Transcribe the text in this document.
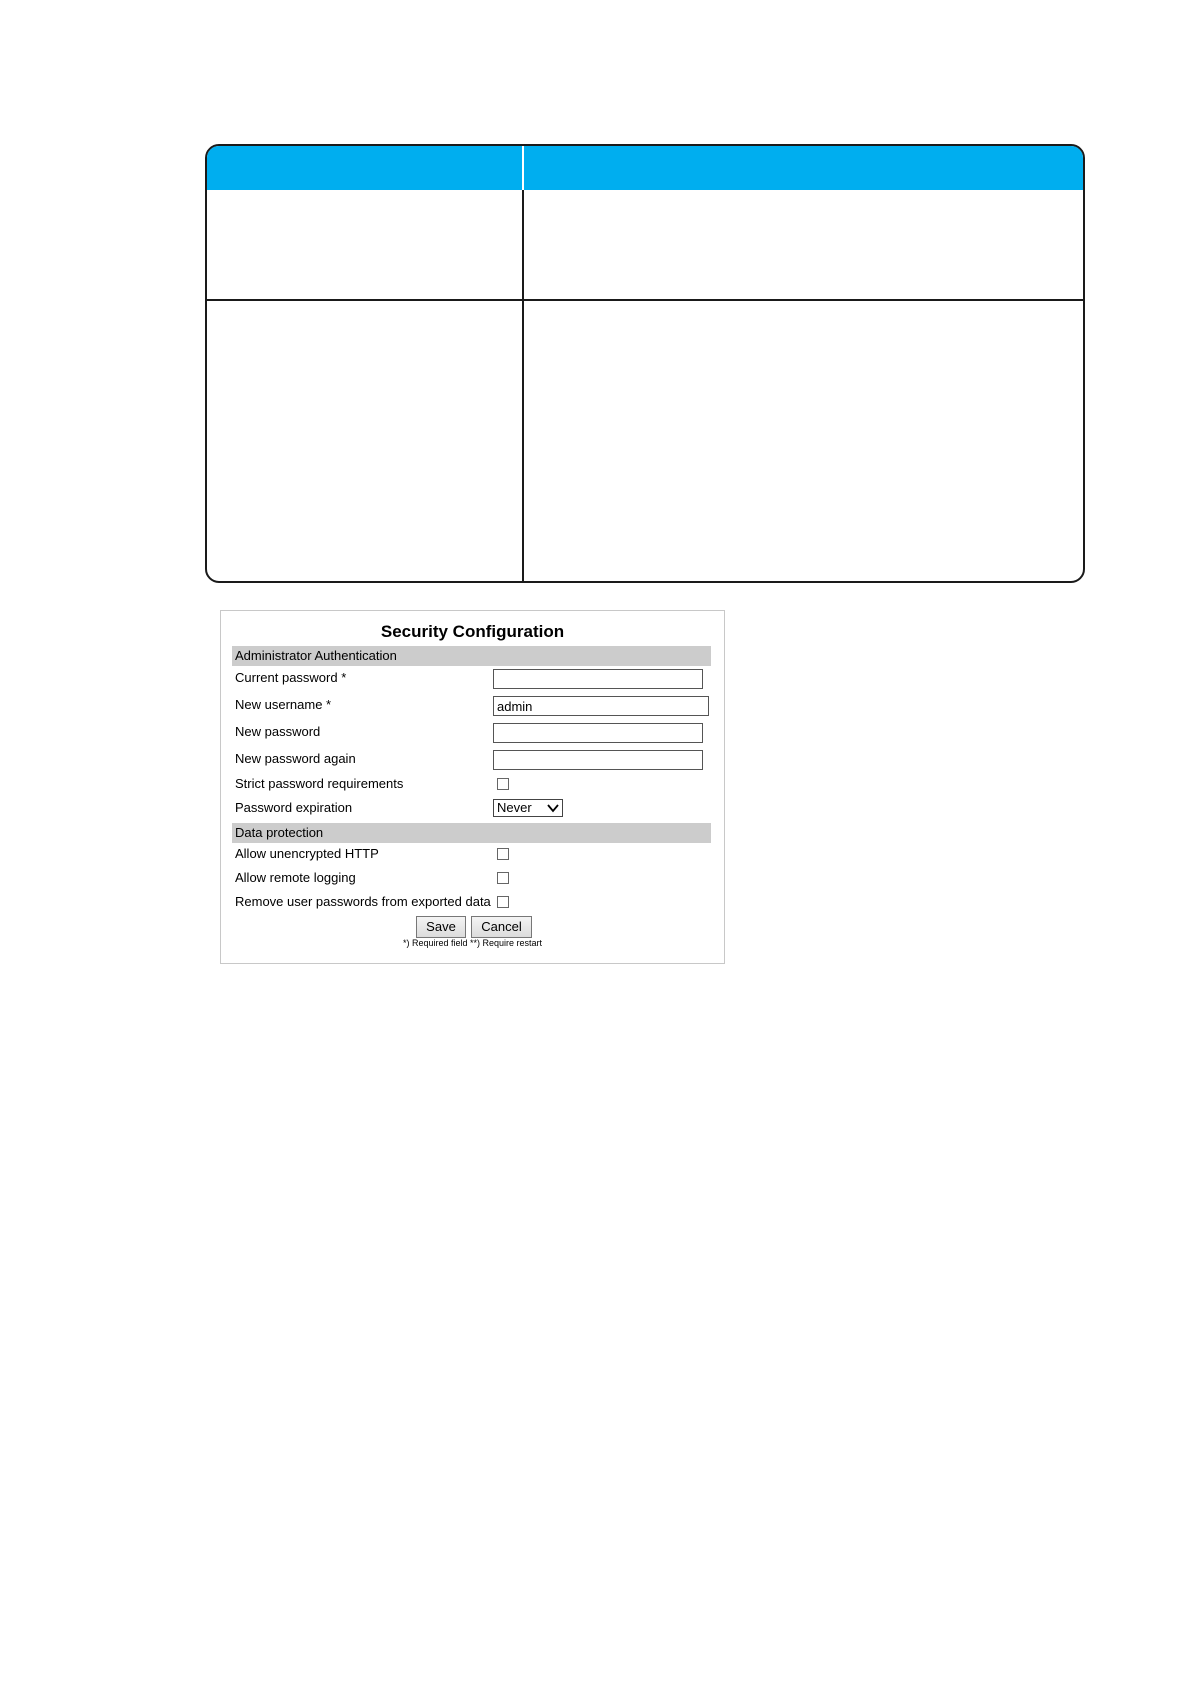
Security Configuration
Administrator Authentication
Current password *
New username *
admin
New password
New password again
Strict password requirements
Password expiration	Never
Data protection
Allow unencrypted HTTP
Allow remote logging
Remove user passwords from exported data
Save	Cancel
*) Required field **) Require restart
